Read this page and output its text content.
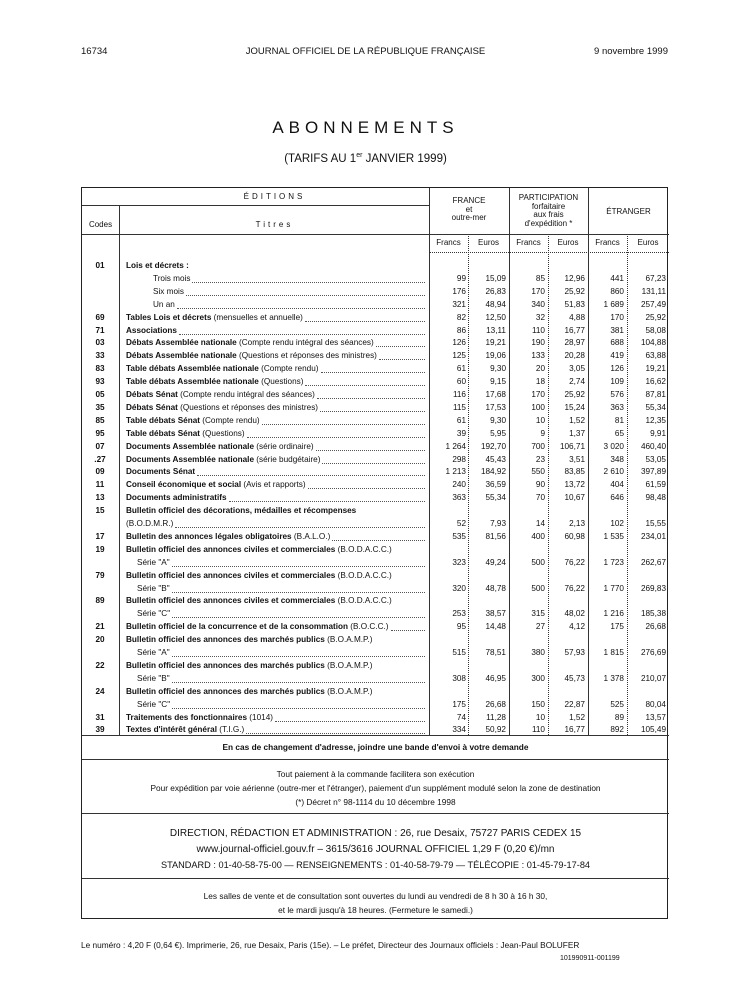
16734	JOURNAL OFFICIEL DE LA RÉPUBLIQUE FRANÇAISE	9 novembre 1999
ABONNEMENTS
(TARIFS AU 1er JANVIER 1999)
ÉDITIONS
Codes	Titres
FRANCE
et
outre-mer
PARTICIPATION
forfaitaire
aux frais
d'expédition *
ÉTRANGER
Francs	Euros	Francs	Euros	Francs	Euros
01	Lois et décrets :
Trois mois	99	15,09	85	12,96	441	67,23
Six mois	176	26,83	170	25,92	860	131,11
Un an	321	48,94	340	51,83	1 689	257,49
69	Tables Lois et décrets (mensuelles et annuelle)	82	12,50	32	4,88	170	25,92
71	Associations	86	13,11	110	16,77	381	58,08
03	Débats Assemblée nationale (Compte rendu intégral des séances)	126	19,21	190	28,97	688	104,88
33	Débats Assemblée nationale (Questions et réponses des ministres)	125	19,06	133	20,28	419	63,88
83	Table débats Assemblée nationale (Compte rendu)	61	9,30	20	3,05	126	19,21
93	Table débats Assemblée nationale (Questions)	60	9,15	18	2,74	109	16,62
05	Débats Sénat (Compte rendu intégral des séances)	116	17,68	170	25,92	576	87,81
35	Débats Sénat (Questions et réponses des ministres)	115	17,53	100	15,24	363	55,34
85	Table débats Sénat (Compte rendu)	61	9,30	10	1,52	81	12,35
95	Table débats Sénat (Questions)	39	5,95	9	1,37	65	9,91
07	Documents Assemblée nationale (série ordinaire)	1 264	192,70	700	106,71	3 020	460,40
.27	Documents Assemblée nationale (série budgétaire)	298	45,43	23	3,51	348	53,05
09	Documents Sénat	1 213	184,92	550	83,85	2 610	397,89
11	Conseil économique et social (Avis et rapports)	240	36,59	90	13,72	404	61,59
13	Documents administratifs	363	55,34	70	10,67	646	98,48
15	Bulletin officiel des décorations, médailles et récompenses
(B.O.D.M.R.)	52	7,93	14	2,13	102	15,55
17	Bulletin des annonces légales obligatoires (B.A.L.O.)	535	81,56	400	60,98	1 535	234,01
19	Bulletin officiel des annonces civiles et commerciales (B.O.D.A.C.C.)
Série "A"	323	49,24	500	76,22	1 723	262,67
79	Bulletin officiel des annonces civiles et commerciales (B.O.D.A.C.C.)
Série "B"	320	48,78	500	76,22	1 770	269,83
89	Bulletin officiel des annonces civiles et commerciales (B.O.D.A.C.C.)
Série "C"	253	38,57	315	48,02	1 216	185,38
21	Bulletin officiel de la concurrence et de la consommation (B.O.C.C.)	95	14,48	27	4,12	175	26,68
20	Bulletin officiel des annonces des marchés publics (B.O.A.M.P.)
Série "A"	515	78,51	380	57,93	1 815	276,69
22	Bulletin officiel des annonces des marchés publics (B.O.A.M.P.)
Série "B"	308	46,95	300	45,73	1 378	210,07
24	Bulletin officiel des annonces des marchés publics (B.O.A.M.P.)
Série "C"	175	26,68	150	22,87	525	80,04
31	Traitements des fonctionnaires (1014)	74	11,28	10	1,52	89	13,57
39	Textes d'intérêt général (T.I.G.)	334	50,92	110	16,77	892	105,49
En cas de changement d'adresse, joindre une bande d'envoi à votre demande
Tout paiement à la commande facilitera son exécution
Pour expédition par voie aérienne (outre-mer et l'étranger), paiement d'un supplément modulé selon la zone de destination
(*) Décret n° 98-1114 du 10 décembre 1998
DIRECTION, RÉDACTION ET ADMINISTRATION : 26, rue Desaix, 75727 PARIS CEDEX 15
www.journal-officiel.gouv.fr – 3615/3616 JOURNAL OFFICIEL 1,29 F (0,20 €)/mn
STANDARD : 01-40-58-75-00 — RENSEIGNEMENTS : 01-40-58-79-79 — TÉLÉCOPIE : 01-45-79-17-84
Les salles de vente et de consultation sont ouvertes du lundi au vendredi de 8 h 30 à 16 h 30,
et le mardi jusqu'à 18 heures. (Fermeture le samedi.)
Le numéro : 4,20 F (0,64 €). Imprimerie, 26, rue Desaix, Paris (15e). – Le préfet, Directeur des Journaux officiels : Jean-Paul BOLUFER
101990911-001199
